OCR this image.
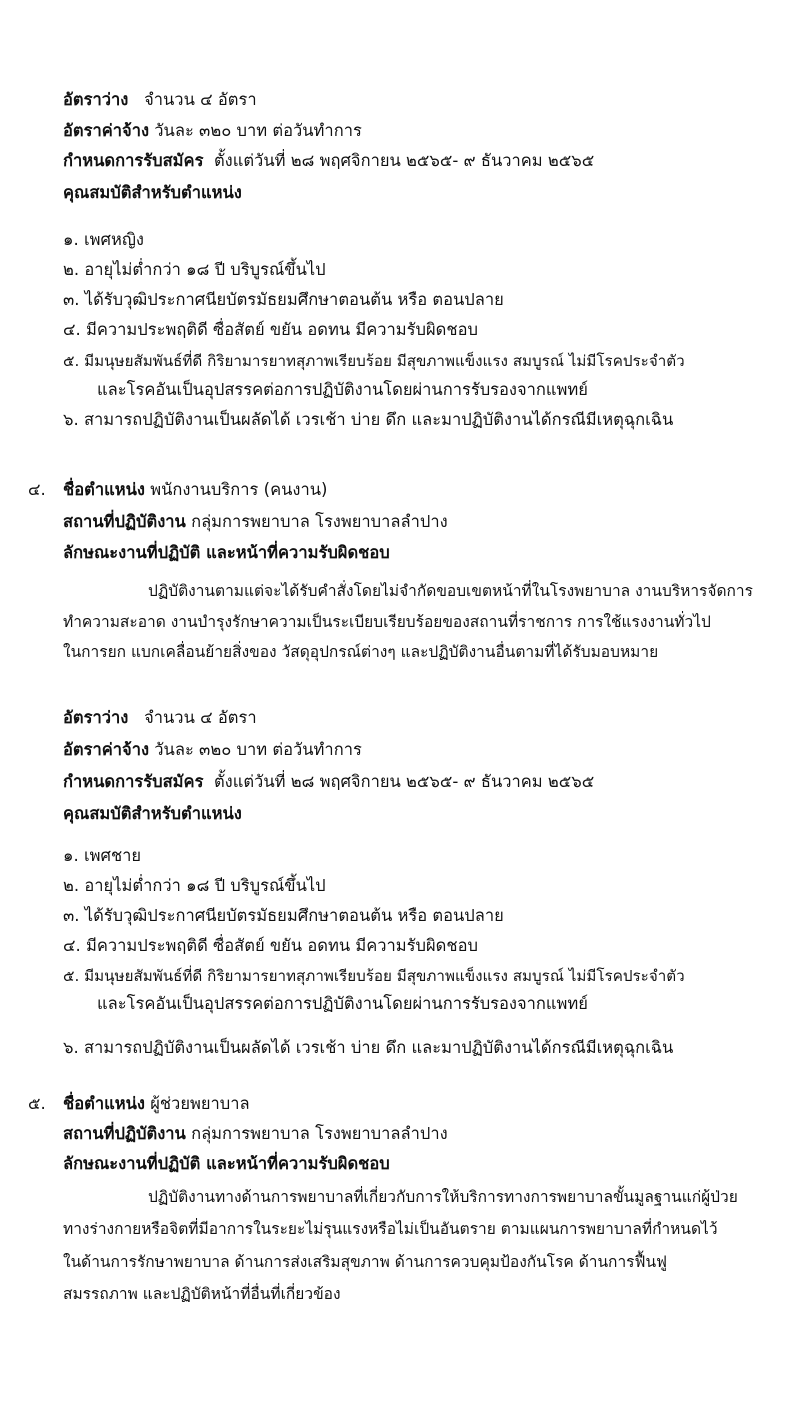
อัตราว่าง จำนวน ๔ อัตรา
อัตราค่าจ้าง วันละ ๓๒๐ บาท ต่อวันทำการ
กำหนดการรับสมัคร ตั้งแต่วันที่ ๒๘ พฤศจิกายน ๒๕๖๕- ๙ ธันวาคม ๒๕๖๕
คุณสมบัติสำหรับตำแหน่ง
๑. เพศหญิง
๒. อายุไม่ต่ำกว่า ๑๘ ปี บริบูรณ์ขึ้นไป
๓. ได้รับวุฒิประกาศนียบัตรมัธยมศึกษาตอนต้น หรือ ตอนปลาย
๔. มีความประพฤติดี ซื่อสัตย์ ขยัน อดทน มีความรับผิดชอบ
๕. มีมนุษยสัมพันธ์ที่ดี กิริยามารยาทสุภาพเรียบร้อย มีสุขภาพแข็งแรง สมบูรณ์ ไม่มีโรคประจำตัว
และโรคอันเป็นอุปสรรคต่อการปฏิบัติงานโดยผ่านการรับรองจากแพทย์
๖. สามารถปฏิบัติงานเป็นผลัดได้ เวรเช้า บ่าย ดึก และมาปฏิบัติงานได้กรณีมีเหตุฉุกเฉิน
๔. ชื่อตำแหน่ง พนักงานบริการ (คนงาน)
สถานที่ปฏิบัติงาน กลุ่มการพยาบาล โรงพยาบาลลำปาง
ลักษณะงานที่ปฏิบัติ และหน้าที่ความรับผิดชอบ
ปฏิบัติงานตามแต่จะได้รับคำสั่งโดยไม่จำกัดขอบเขตหน้าที่ในโรงพยาบาล งานบริหารจัดการ
ทำความสะอาด งานบำรุงรักษาความเป็นระเบียบเรียบร้อยของสถานที่ราชการ การใช้แรงงานทั่วไป
ในการยก แบกเคลื่อนย้ายสิ่งของ วัสดุอุปกรณ์ต่างๆ และปฏิบัติงานอื่นตามที่ได้รับมอบหมาย
อัตราว่าง จำนวน ๔ อัตรา
อัตราค่าจ้าง วันละ ๓๒๐ บาท ต่อวันทำการ
กำหนดการรับสมัคร ตั้งแต่วันที่ ๒๘ พฤศจิกายน ๒๕๖๕- ๙ ธันวาคม ๒๕๖๕
คุณสมบัติสำหรับตำแหน่ง
๑. เพศชาย
๒. อายุไม่ต่ำกว่า ๑๘ ปี บริบูรณ์ขึ้นไป
๓. ได้รับวุฒิประกาศนียบัตรมัธยมศึกษาตอนต้น หรือ ตอนปลาย
๔. มีความประพฤติดี ซื่อสัตย์ ขยัน อดทน มีความรับผิดชอบ
๕. มีมนุษยสัมพันธ์ที่ดี กิริยามารยาทสุภาพเรียบร้อย มีสุขภาพแข็งแรง สมบูรณ์ ไม่มีโรคประจำตัว
และโรคอันเป็นอุปสรรคต่อการปฏิบัติงานโดยผ่านการรับรองจากแพทย์
๖. สามารถปฏิบัติงานเป็นผลัดได้ เวรเช้า บ่าย ดึก และมาปฏิบัติงานได้กรณีมีเหตุฉุกเฉิน
๕. ชื่อตำแหน่ง ผู้ช่วยพยาบาล
สถานที่ปฏิบัติงาน กลุ่มการพยาบาล โรงพยาบาลลำปาง
ลักษณะงานที่ปฏิบัติ และหน้าที่ความรับผิดชอบ
ปฏิบัติงานทางด้านการพยาบาลที่เกี่ยวกับการให้บริการทางการพยาบาลขั้นมูลฐานแก่ผู้ป่วย
ทางร่างกายหรือจิตที่มีอาการในระยะไม่รุนแรงหรือไม่เป็นอันตราย ตามแผนการพยาบาลที่กำหนดไว้
ในด้านการรักษาพยาบาล ด้านการส่งเสริมสุขภาพ ด้านการควบคุมป้องกันโรค ด้านการฟื้นฟู
สมรรถภาพ และปฏิบัติหน้าที่อื่นที่เกี่ยวข้อง
